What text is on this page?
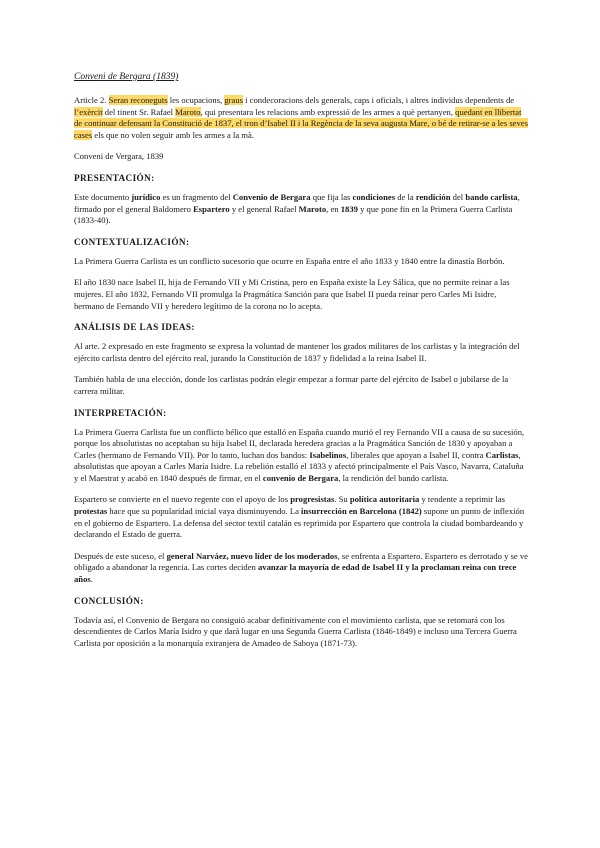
Conveni de Bergara (1839)

Article 2. Seran reconeguts les ocupacions, graus i condecoracions dels generals, caps i oficials, i altres individus dependents de l’exèrcit del tinent Sr. Rafael Maroto, qui presentara les relacions amb expressió de les armes a què pertanyen, quedant en llibertat de continuar defensant la Constitució de 1837, el tron d’Isabel II i la Regència de la seva augusta Mare, o bé de retirar-se a les seves cases els que no volen seguir amb les armes a la mà.

Conveni de Vergara, 1839

PRESENTACIÓN:

Este documento jurídico es un fragmento del Convenio de Bergara que fija las condiciones de la rendición del bando carlista, firmado por el general Baldomero Espartero y el general Rafael Maroto, en 1839 y que pone fin en la Primera Guerra Carlista (1833-40).

CONTEXTUALIZACIÓN:

La Primera Guerra Carlista es un conflicto sucesorio que ocurre en España entre el año 1833 y 1840 entre la dinastía Borbón.

El año 1830 nace Isabel II, hija de Fernando VII y Mi Cristina, pero en España existe la Ley Sálica, que no permite reinar a las mujeres. El año 1832, Fernando VII promulga la Pragmática Sanción para que Isabel II pueda reinar pero Carles Mi Isidre, hermano de Fernando VII y heredero legítimo de la corona no lo acepta.

ANÁLISIS DE LAS IDEAS:

Al arte. 2 expresado en este fragmento se expresa la voluntad de mantener los grados militares de los carlistas y la integración del ejército carlista dentro del ejército real, jurando la Constitución de 1837 y fidelidad a la reina Isabel II.

También habla de una elección, donde los carlistas podrán elegir empezar a formar parte del ejército de Isabel o jubilarse de la carrera militar.

INTERPRETACIÓN:

La Primera Guerra Carlista fue un conflicto bélico que estalló en España cuando murió el rey Fernando VII a causa de su sucesión, porque los absolutistas no aceptaban su hija Isabel II, declarada heredera gracias a la Pragmática Sanción de 1830 y apoyaban a Carles (hermano de Fernando VII). Por lo tanto, luchan dos bandos: Isabelinos, liberales que apoyan a Isabel II, contra Carlistas, absolutistas que apoyan a Carles María Isidre. La rebelión estalló el 1833 y afectó principalmente el País Vasco, Navarra, Cataluña y el Maestrat y acabó en 1840 después de firmar, en el convenio de Bergara, la rendición del bando carlista.

Espartero se convierte en el nuevo regente con el apoyo de los progresistas. Su política autoritaria y tendente a reprimir las protestas hace que su popularidad inicial vaya disminuyendo. La insurrección en Barcelona (1842) supone un punto de inflexión en el gobierno de Espartero. La defensa del sector textil catalán es reprimida por Espartero que controla la ciudad bombardeando y declarando el Estado de guerra.

Después de este suceso, el general Narváez, nuevo líder de los moderados, se enfrenta a Espartero. Espartero es derrotado y se ve obligado a abandonar la regencia. Las cortes deciden avanzar la mayoría de edad de Isabel II y la proclaman reina con trece años.

CONCLUSIÓN:

Todavía así, el Convenio de Bergara no consiguió acabar definitivamente con el movimiento carlista, que se retomará con los descendientes de Carlos María Isidro y que dará lugar en una Segunda Guerra Carlista (1846-1849) e incluso una Tercera Guerra Carlista por oposición a la monarquía extranjera de Amadeo de Saboya (1871-73).
